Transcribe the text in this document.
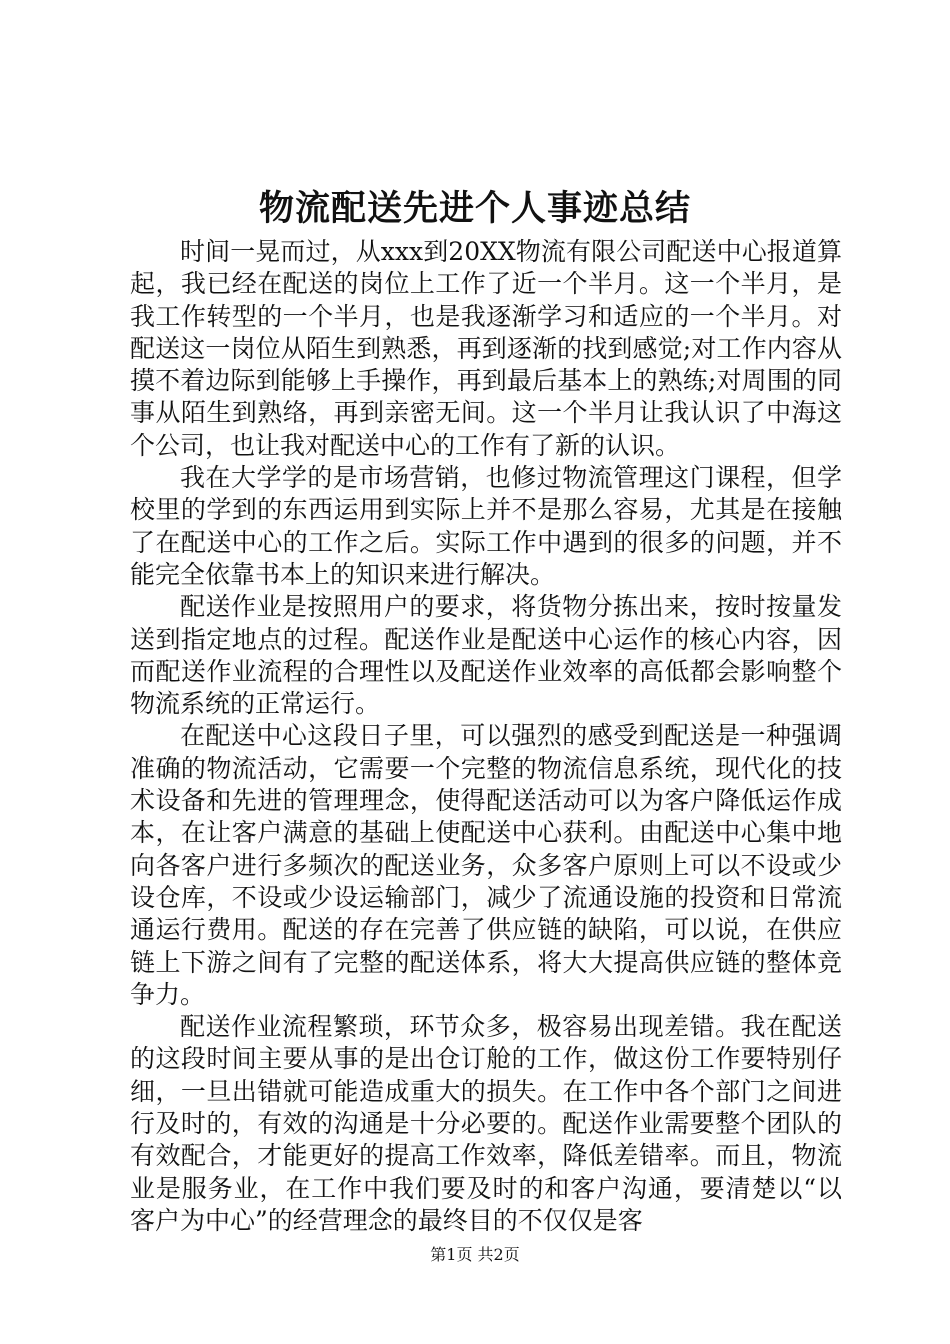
物流配送先进个人事迹总结

时间一晃而过，从xxx到20XX物流有限公司配送中心报道算起，我已经在配送的岗位上工作了近一个半月。这一个半月，是我工作转型的一个半月，也是我逐渐学习和适应的一个半月。对配送这一岗位从陌生到熟悉，再到逐渐的找到感觉;对工作内容从摸不着边际到能够上手操作，再到最后基本上的熟练;对周围的同事从陌生到熟络，再到亲密无间。这一个半月让我认识了中海这个公司，也让我对配送中心的工作有了新的认识。

我在大学学的是市场营销，也修过物流管理这门课程，但学校里的学到的东西运用到实际上并不是那么容易，尤其是在接触了在配送中心的工作之后。实际工作中遇到的很多的问题，并不能完全依靠书本上的知识来进行解决。

配送作业是按照用户的要求，将货物分拣出来，按时按量发送到指定地点的过程。配送作业是配送中心运作的核心内容，因而配送作业流程的合理性以及配送作业效率的高低都会影响整个物流系统的正常运行。

在配送中心这段日子里，可以强烈的感受到配送是一种强调准确的物流活动，它需要一个完整的物流信息系统，现代化的技术设备和先进的管理理念，使得配送活动可以为客户降低运作成本，在让客户满意的基础上使配送中心获利。由配送中心集中地向各客户进行多频次的配送业务，众多客户原则上可以不设或少设仓库，不设或少设运输部门，减少了流通设施的投资和日常流通运行费用。配送的存在完善了供应链的缺陷，可以说，在供应链上下游之间有了完整的配送体系，将大大提高供应链的整体竞争力。

配送作业流程繁琐，环节众多，极容易出现差错。我在配送的这段时间主要从事的是出仓订舱的工作，做这份工作要特别仔细，一旦出错就可能造成重大的损失。在工作中各个部门之间进行及时的，有效的沟通是十分必要的。配送作业需要整个团队的有效配合，才能更好的提高工作效率，降低差错率。而且，物流业是服务业，在工作中我们要及时的和客户沟通，要清楚以“以客户为中心”的经营理念的最终目的不仅仅是客

第1页 共2页
